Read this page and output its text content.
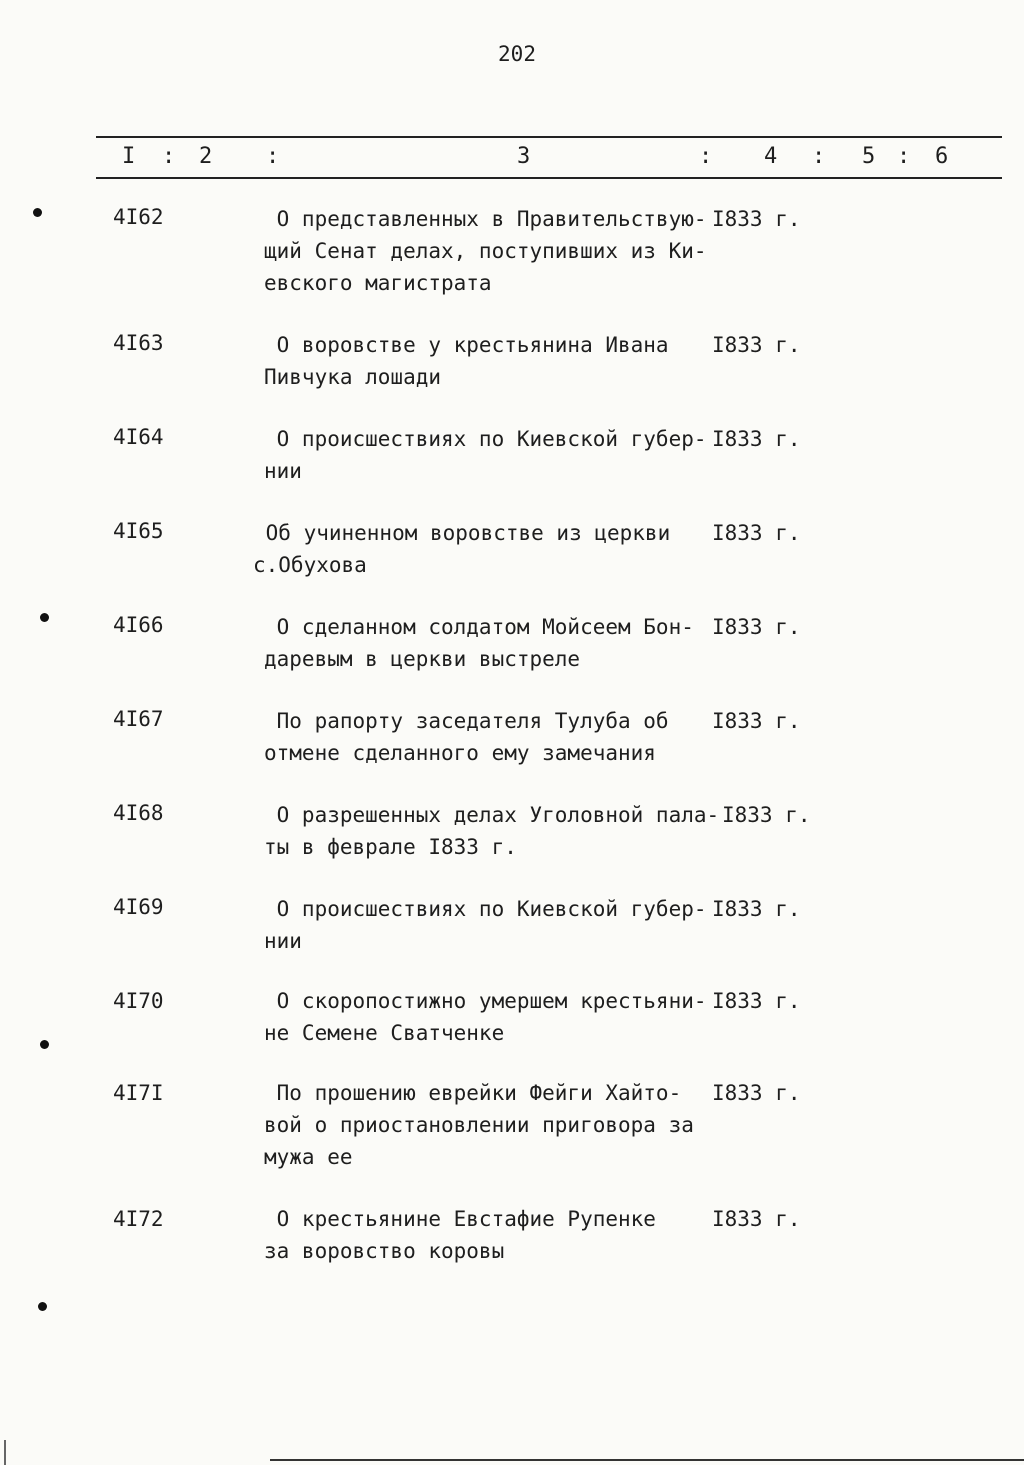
202
I : 2 :	3	: 4 : 5 : 6
4I62	О представленных в Правительствую-
щий Сенат делах, поступивших из Ки-
евского магистрата
I833 г.
4I63	О воровстве у крестьянина Ивана
Пивчука лошади
I833 г.
4I64	О происшествиях по Киевской губер-
нии
I833 г.
4I65	Об учиненном воровстве из церкви
с.Обухова
I833 г.
4I66	О сделанном солдатом Мойсеем Бон-
даревым в церкви выстреле
I833 г.
4I67	По рапорту заседателя Тулуба об
отмене сделанного ему замечания
I833 г.
4I68	О разрешенных делах Уголовной пала-
ты в феврале I833 г.
I833 г.
4I69	О происшествиях по Киевской губер-
нии
I833 г.
4I70	О скоропостижно умершем крестьяни-
не Семене Сватченке
I833 г.
4I7I	По прошению еврейки Фейги Хайто-
вой о приостановлении приговора за
мужа ее
I833 г.
4I72	О крестьянине Евстафие Рупенке
за воровство коровы
I833 г.
